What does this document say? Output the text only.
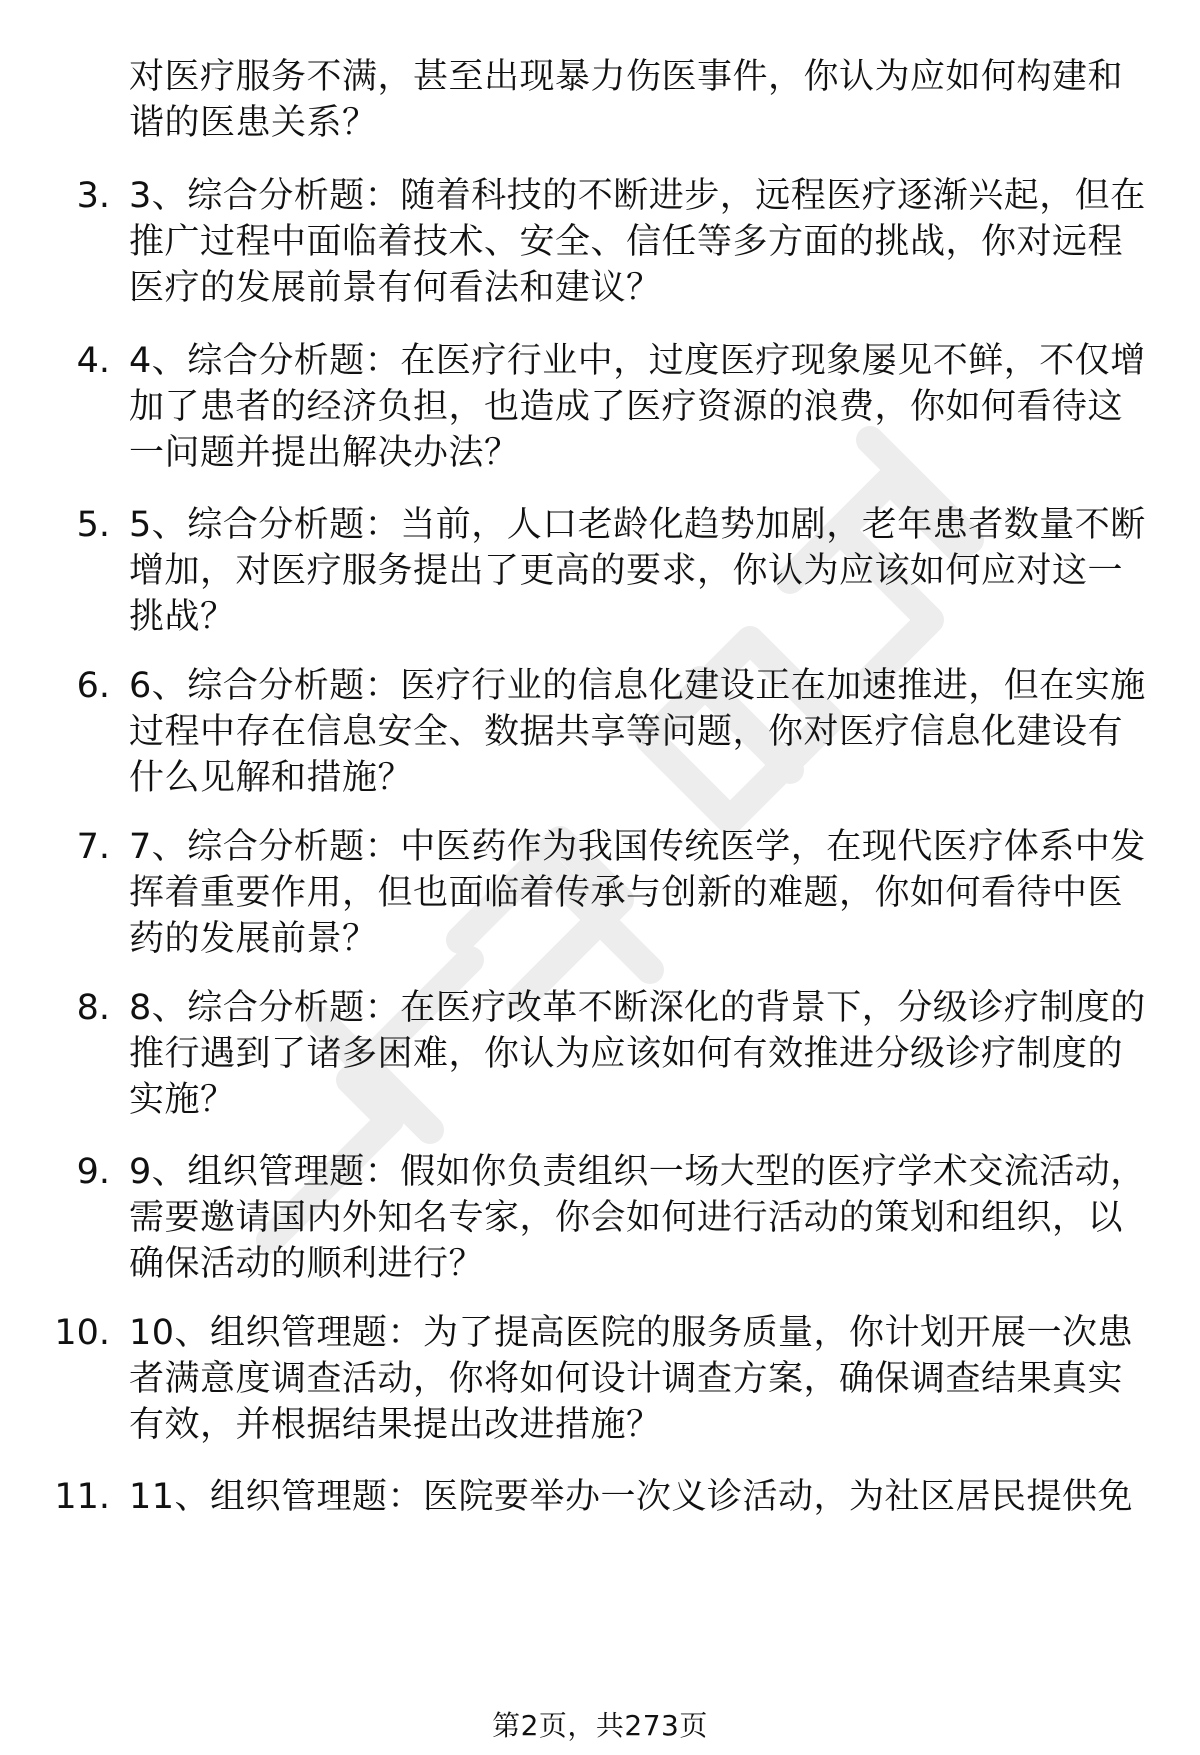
对医疗服务不满，甚至出现暴力伤医事件，你认为应如何构建和
谐的医患关系？
3. 3、综合分析题：随着科技的不断进步，远程医疗逐渐兴起，但在
推广过程中面临着技术、安全、信任等多方面的挑战，你对远程
医疗的发展前景有何看法和建议？
4. 4、综合分析题：在医疗行业中，过度医疗现象屡见不鲜，不仅增
加了患者的经济负担，也造成了医疗资源的浪费，你如何看待这
一问题并提出解决办法？
5. 5、综合分析题：当前，人口老龄化趋势加剧，老年患者数量不断
增加，对医疗服务提出了更高的要求，你认为应该如何应对这一
挑战？
6. 6、综合分析题：医疗行业的信息化建设正在加速推进，但在实施
过程中存在信息安全、数据共享等问题，你对医疗信息化建设有
什么见解和措施？
7. 7、综合分析题：中医药作为我国传统医学，在现代医疗体系中发
挥着重要作用，但也面临着传承与创新的难题，你如何看待中医
药的发展前景？
8. 8、综合分析题：在医疗改革不断深化的背景下，分级诊疗制度的
推行遇到了诸多困难，你认为应该如何有效推进分级诊疗制度的
实施？
9. 9、组织管理题：假如你负责组织一场大型的医疗学术交流活动，
需要邀请国内外知名专家，你会如何进行活动的策划和组织，以
确保活动的顺利进行？
10. 10、组织管理题：为了提高医院的服务质量，你计划开展一次患
者满意度调查活动，你将如何设计调查方案，确保调查结果真实
有效，并根据结果提出改进措施？
11. 11、组织管理题：医院要举办一次义诊活动，为社区居民提供免
第2页，共273页
